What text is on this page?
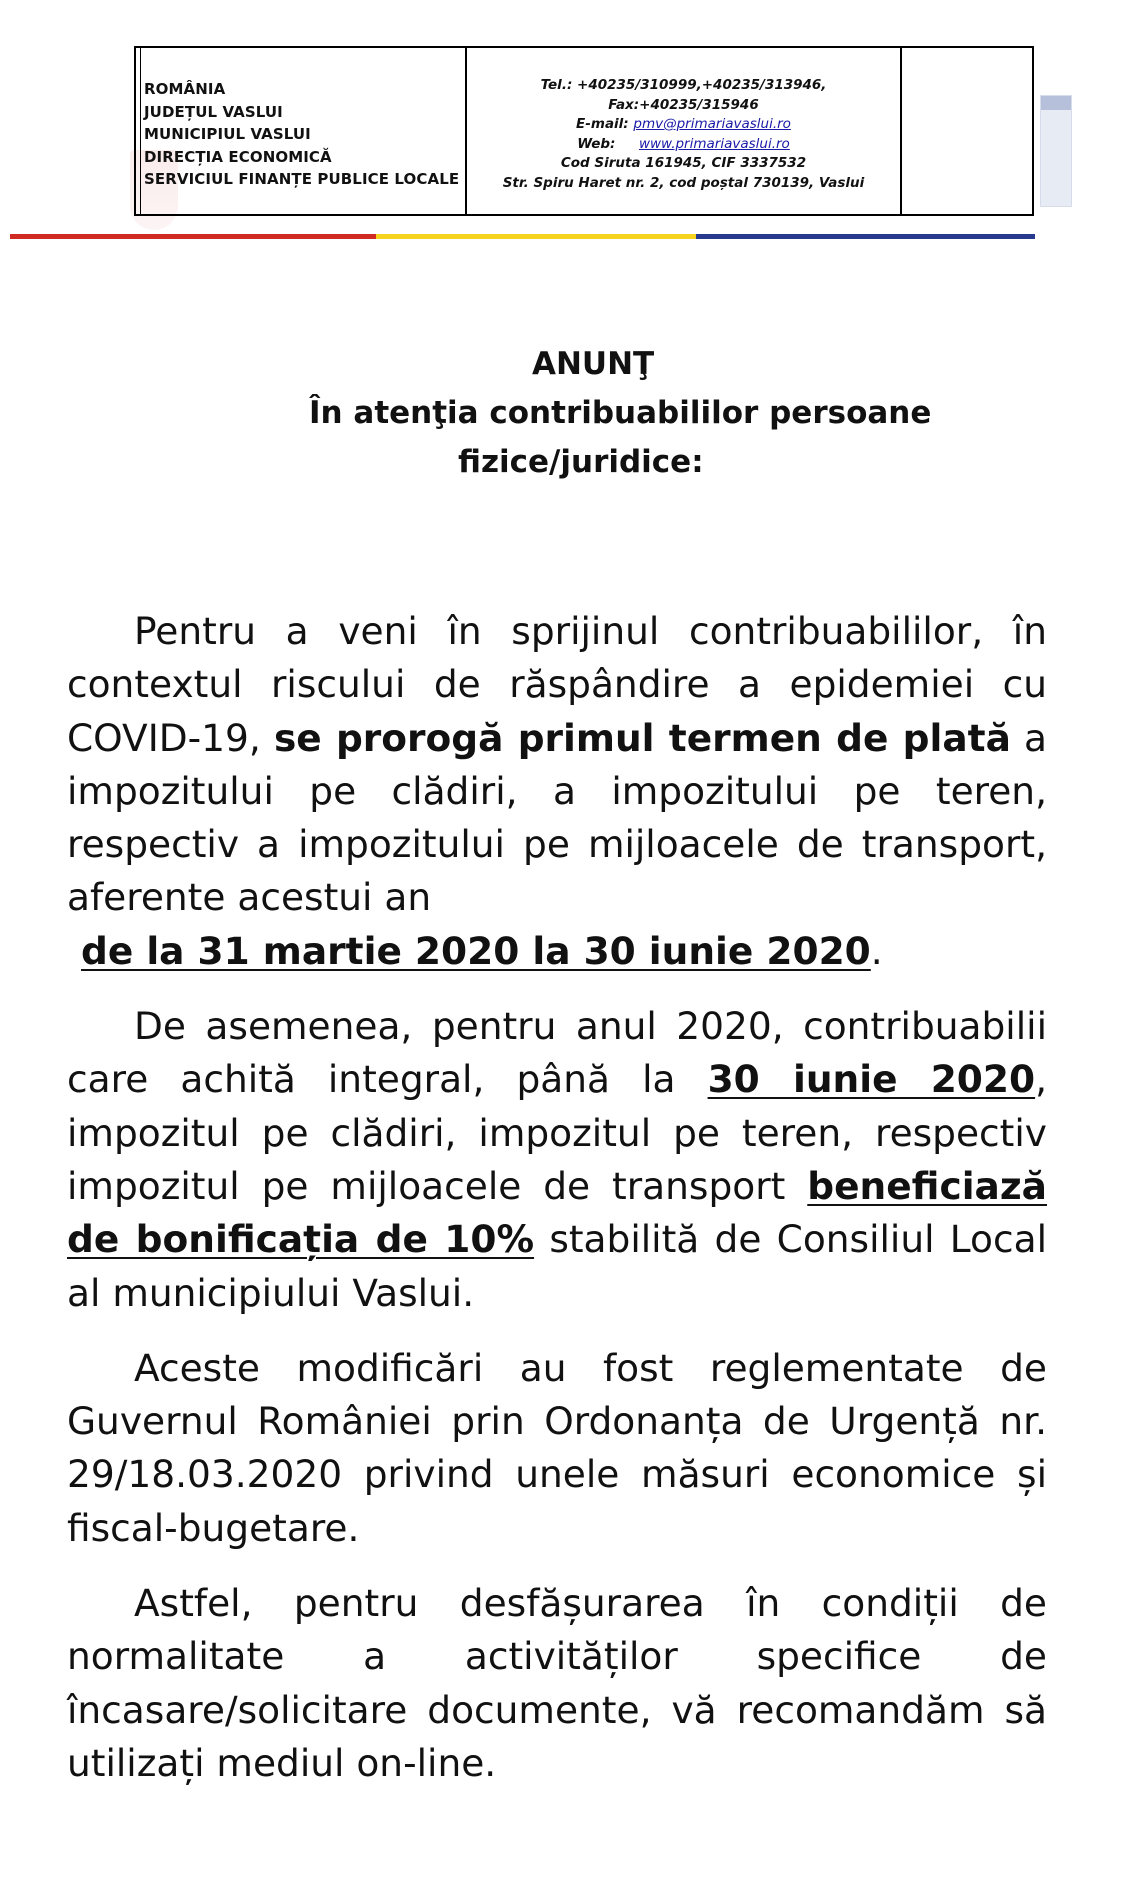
ROMÂNIA
JUDEȚUL VASLUI
MUNICIPIUL VASLUI
DIRECȚIA ECONOMICĂ
SERVICIUL FINANȚE PUBLICE LOCALE
Tel.: +40235/310999,+40235/313946,
Fax:+40235/315946
E-mail: pmv@primariavaslui.ro
Web: www.primariavaslui.ro
Cod Siruta 161945, CIF 3337532
Str. Spiru Haret nr. 2, cod poștal 730139, Vaslui
ANUNŢ
În atenţia contribuabililor persoane
fizice/juridice:

Pentru a veni în sprijinul contribuabililor, în contextul riscului de răspândire a epidemiei cu COVID-19, se prorogă primul termen de plată a impozitului pe clădiri, a impozitului pe teren, respectiv a impozitului pe mijloacele de transport, aferente acestui an
de la 31 martie 2020 la 30 iunie 2020.

De asemenea, pentru anul 2020, contribuabilii care achită integral, până la 30 iunie 2020, impozitul pe clădiri, impozitul pe teren, respectiv impozitul pe mijloacele de transport beneficiază de bonificația de 10% stabilită de Consiliul Local al municipiului Vaslui.

Aceste modificări au fost reglementate de Guvernul României prin Ordonanța de Urgență nr. 29/18.03.2020 privind unele măsuri economice și fiscal-bugetare.

Astfel, pentru desfășurarea în condiții de normalitate a activităților specifice de încasare/solicitare documente, vă recomandăm să utilizați mediul on-line.
